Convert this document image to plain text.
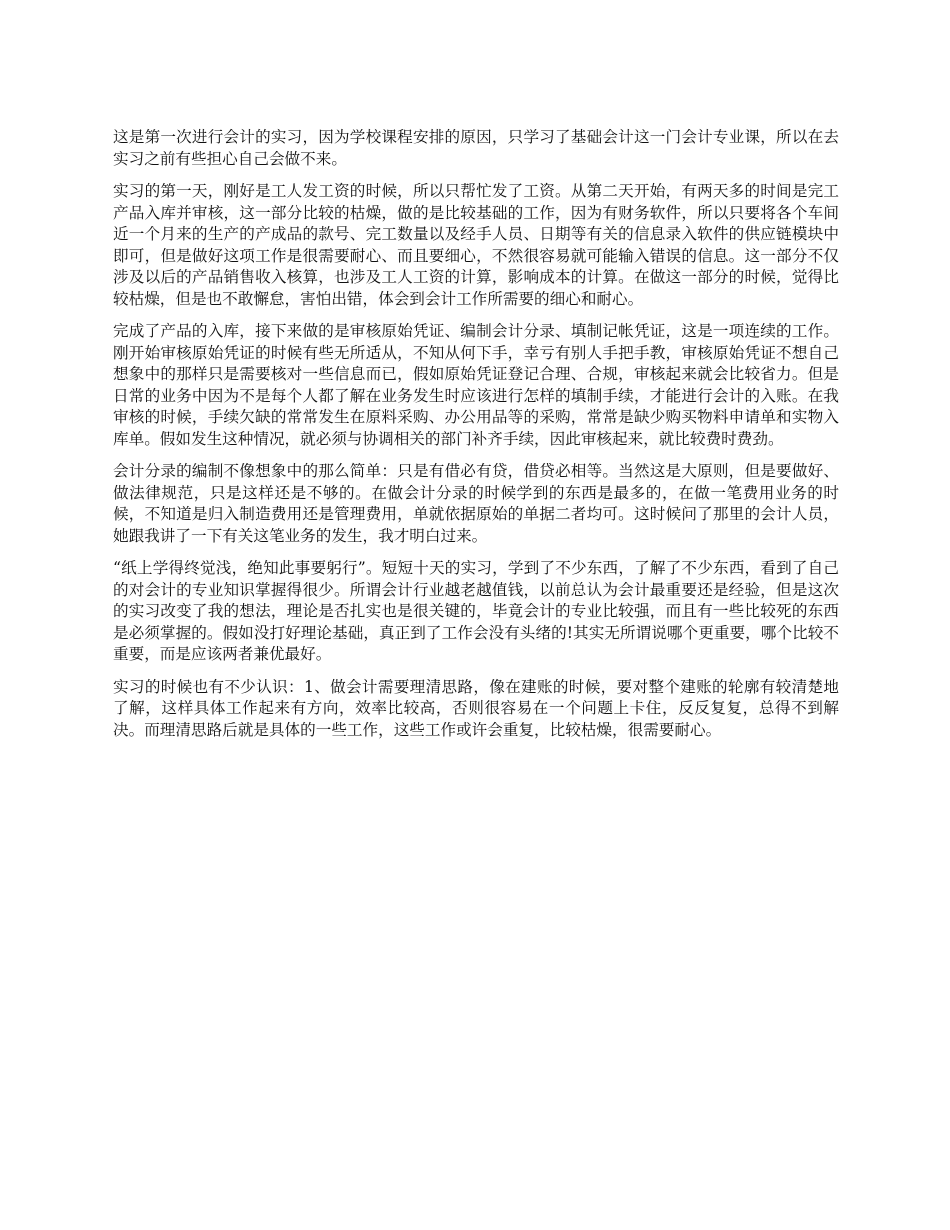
这是第一次进行会计的实习，因为学校课程安排的原因，只学习了基础会计这一门会计专业课，所以在去实习之前有些担心自己会做不来。

实习的第一天，刚好是工人发工资的时候，所以只帮忙发了工资。从第二天开始，有两天多的时间是完工产品入库并审核，这一部分比较的枯燥，做的是比较基础的工作，因为有财务软件，所以只要将各个车间近一个月来的生产的产成品的款号、完工数量以及经手人员、日期等有关的信息录入软件的供应链模块中即可，但是做好这项工作是很需要耐心、而且要细心，不然很容易就可能输入错误的信息。这一部分不仅涉及以后的产品销售收入核算，也涉及工人工资的计算，影响成本的计算。在做这一部分的时候，觉得比较枯燥，但是也不敢懈怠，害怕出错，体会到会计工作所需要的细心和耐心。

完成了产品的入库，接下来做的是审核原始凭证、编制会计分录、填制记帐凭证，这是一项连续的工作。刚开始审核原始凭证的时候有些无所适从，不知从何下手，幸亏有别人手把手教，审核原始凭证不想自己想象中的那样只是需要核对一些信息而已，假如原始凭证登记合理、合规，审核起来就会比较省力。但是日常的业务中因为不是每个人都了解在业务发生时应该进行怎样的填制手续，才能进行会计的入账。在我审核的时候，手续欠缺的常常发生在原料采购、办公用品等的采购，常常是缺少购买物料申请单和实物入库单。假如发生这种情况，就必须与协调相关的部门补齐手续，因此审核起来，就比较费时费劲。

会计分录的编制不像想象中的那么简单：只是有借必有贷，借贷必相等。当然这是大原则，但是要做好、做法律规范，只是这样还是不够的。在做会计分录的时候学到的东西是最多的，在做一笔费用业务的时候，不知道是归入制造费用还是管理费用，单就依据原始的单据二者均可。这时候问了那里的会计人员，她跟我讲了一下有关这笔业务的发生，我才明白过来。

“纸上学得终觉浅，绝知此事要躬行”。短短十天的实习，学到了不少东西，了解了不少东西，看到了自己的对会计的专业知识掌握得很少。所谓会计行业越老越值钱，以前总认为会计最重要还是经验，但是这次的实习改变了我的想法，理论是否扎实也是很关键的，毕竟会计的专业比较强，而且有一些比较死的东西是必须掌握的。假如没打好理论基础，真正到了工作会没有头绪的!其实无所谓说哪个更重要，哪个比较不重要，而是应该两者兼优最好。

实习的时候也有不少认识：1、做会计需要理清思路，像在建账的时候，要对整个建账的轮廓有较清楚地了解，这样具体工作起来有方向，效率比较高，否则很容易在一个问题上卡住，反反复复，总得不到解决。而理清思路后就是具体的一些工作，这些工作或许会重复，比较枯燥，很需要耐心。
